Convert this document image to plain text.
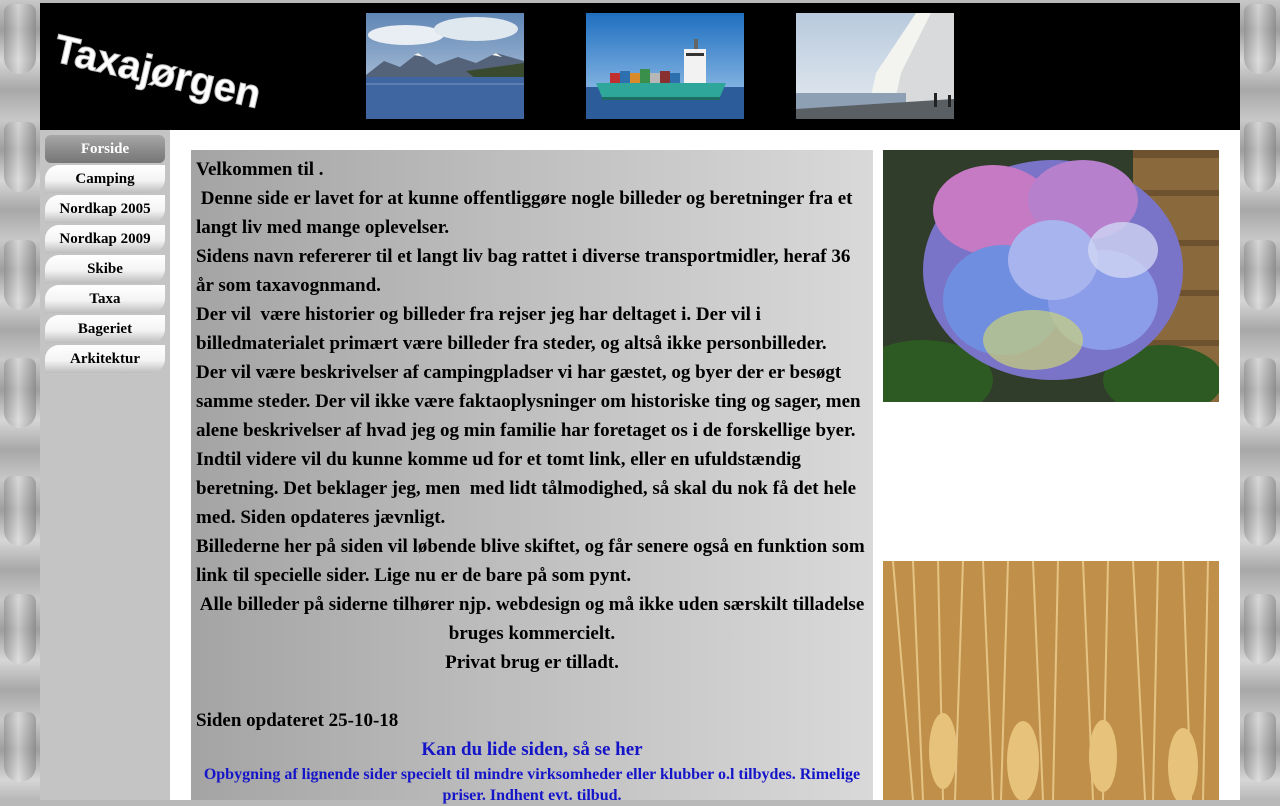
Taxajørgen
Forside
Camping
Nordkap 2005
Nordkap 2009
Skibe
Taxa
Bageriet
Arkitektur

Velkommen til .

Denne side er lavet for at kunne offentliggøre nogle billeder og beretninger fra et langt liv med mange oplevelser.

Sidens navn refererer til et langt liv bag rattet i diverse transportmidler, heraf 36 år som taxavognmand.

Der vil  være historier og billeder fra rejser jeg har deltaget i. Der vil i billedmaterialet primært være billeder fra steder, og altså ikke personbilleder.

Der vil være beskrivelser af campingpladser vi har gæstet, og byer der er besøgt samme steder. Der vil ikke være faktaoplysninger om historiske ting og sager, men alene beskrivelser af hvad jeg og min familie har foretaget os i de forskellige byer.

Indtil videre vil du kunne komme ud for et tomt link, eller en ufuldstændig beretning. Det beklager jeg, men  med lidt tålmodighed, så skal du nok få det hele med. Siden opdateres jævnligt.

Billederne her på siden vil løbende blive skiftet, og får senere også en funktion som link til specielle sider. Lige nu er de bare på som pynt.

Alle billeder på siderne tilhører njp. webdesign og må ikke uden særskilt tilladelse bruges kommercielt.

Privat brug er tilladt.

Siden opdateret 25-10-18

Kan du lide siden, så se her

Opbygning af lignende sider specielt til mindre virksomheder eller klubber o.l tilbydes. Rimelige priser. Indhent evt. tilbud.
